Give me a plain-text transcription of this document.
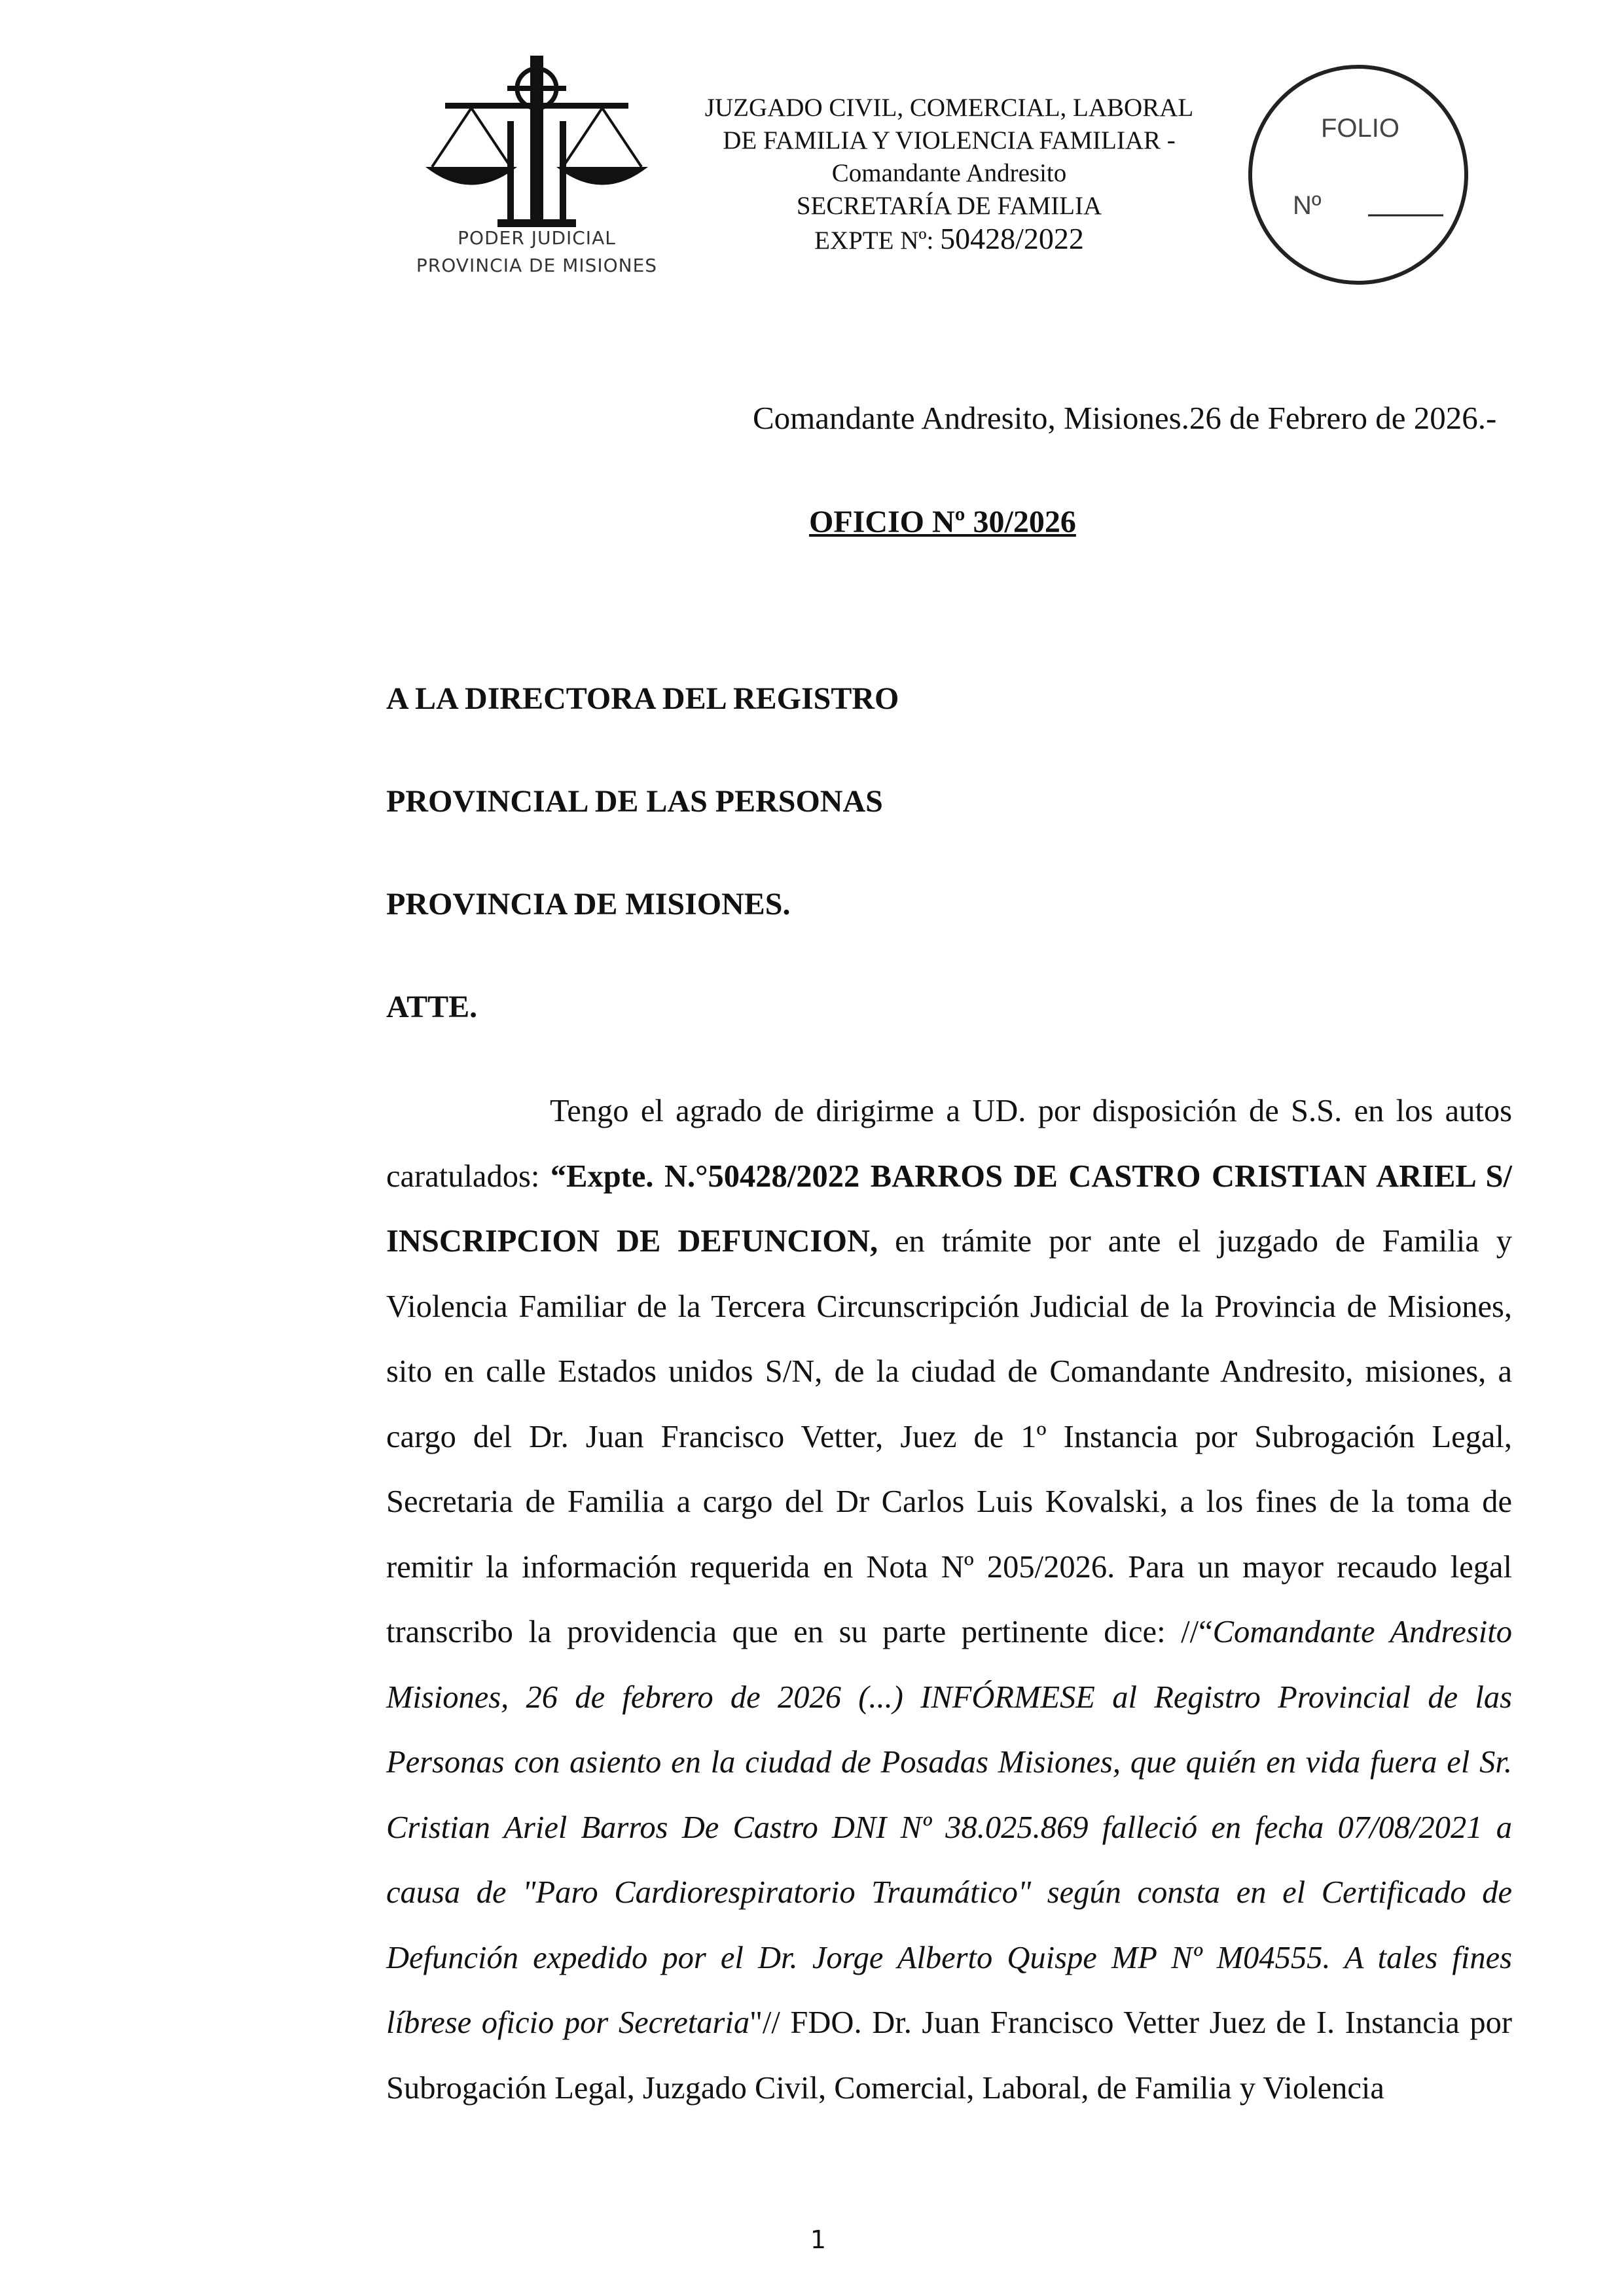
PODER JUDICIAL
PROVINCIA DE MISIONES
JUZGADO CIVIL, COMERCIAL, LABORAL
DE FAMILIA Y VIOLENCIA FAMILIAR -
Comandante Andresito
SECRETARÍA DE FAMILIA
EXPTE Nº: 50428/2022
FOLIO
Nº
Comandante Andresito, Misiones.26 de Febrero de 2026.-
OFICIO Nº 30/2026
A LA DIRECTORA DEL REGISTRO
PROVINCIAL DE LAS PERSONAS
PROVINCIA DE MISIONES.
ATTE.

Tengo el agrado de dirigirme a UD. por disposición de S.S. en los autos caratulados: “Expte. N.°50428/2022 BARROS DE CASTRO CRISTIAN ARIEL S/ INSCRIPCION DE DEFUNCION, en trámite por ante el juzgado de Familia y Violencia Familiar de la Tercera Circunscripción Judicial de la Provincia de Misiones, sito en calle Estados unidos S/N, de la ciudad de Comandante Andresito, misiones, a cargo del Dr. Juan Francisco Vetter, Juez de 1º Instancia por Subrogación Legal, Secretaria de Familia a cargo del Dr Carlos Luis Kovalski, a los fines de la toma de remitir la información requerida en Nota Nº 205/2026. Para un mayor recaudo legal transcribo la providencia que en su parte pertinente dice: //“Comandante Andresito Misiones, 26 de febrero de 2026 (...) INFÓRMESE al Registro Provincial de las Personas con asiento en la ciudad de Posadas Misiones, que quién en vida fuera el Sr. Cristian Ariel Barros De Castro DNI Nº 38.025.869 falleció en fecha 07/08/2021 a causa de "Paro Cardiorespiratorio Traumático" según consta en el Certificado de Defunción expedido por el Dr. Jorge Alberto Quispe MP Nº M04555. A tales fines líbrese oficio por Secretaria"// FDO. Dr. Juan Francisco Vetter Juez de I. Instancia por Subrogación Legal, Juzgado Civil, Comercial, Laboral, de Familia y Violencia

1
